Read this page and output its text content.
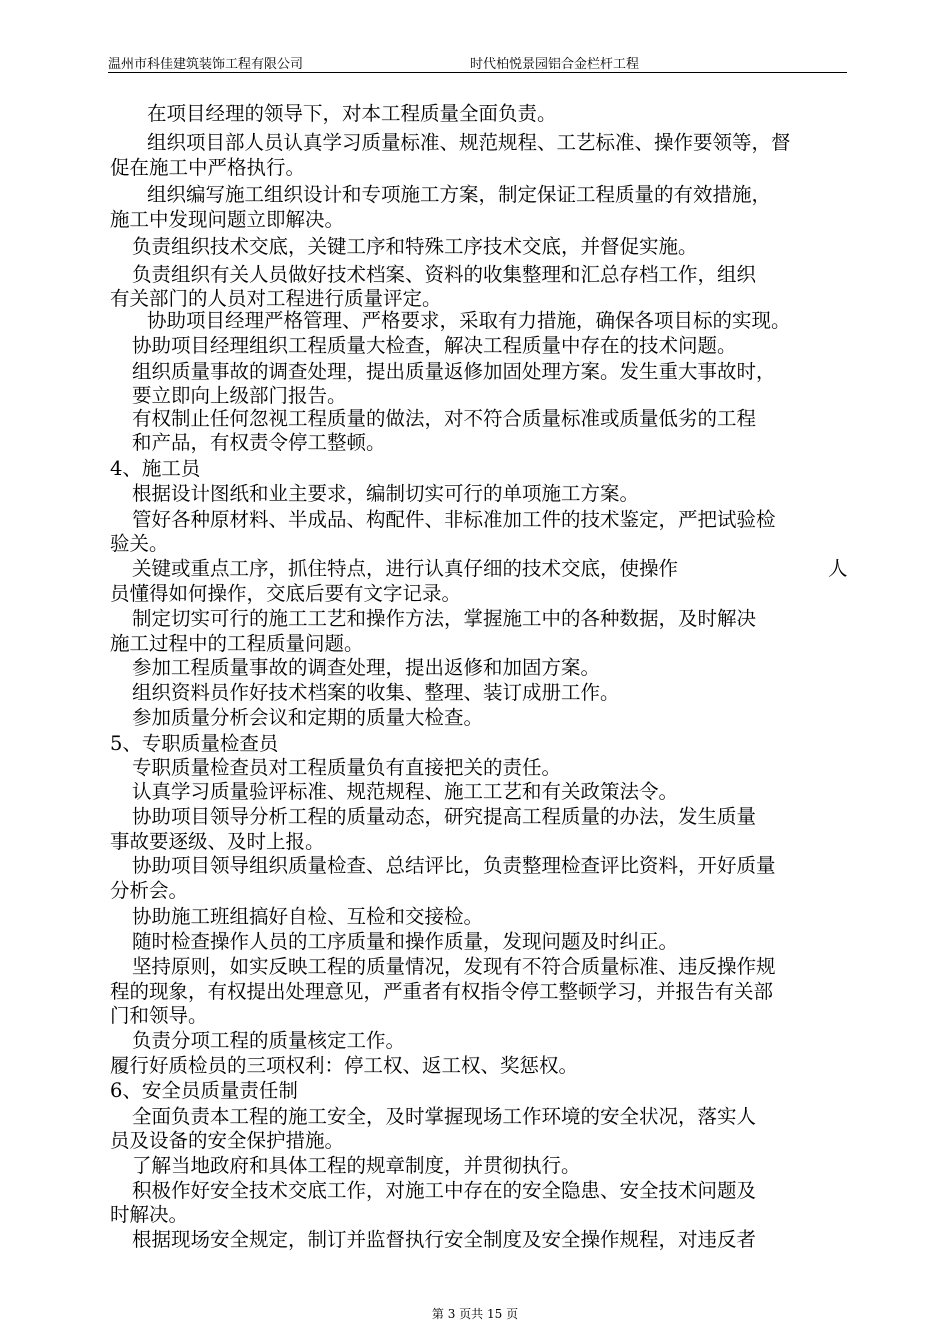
温州市科佳建筑装饰工程有限公司	时代柏悦景园铝合金栏杆工程
在项目经理的领导下，对本工程质量全面负责。
组织项目部人员认真学习质量标准、规范规程、工艺标准、操作要领等，督
促在施工中严格执行。
组织编写施工组织设计和专项施工方案，制定保证工程质量的有效措施，
施工中发现问题立即解决。
负责组织技术交底，关键工序和特殊工序技术交底，并督促实施。
负责组织有关人员做好技术档案、资料的收集整理和汇总存档工作，组织
有关部门的人员对工程进行质量评定。
协助项目经理严格管理、严格要求，采取有力措施，确保各项目标的实现。
协助项目经理组织工程质量大检查，解决工程质量中存在的技术问题。
组织质量事故的调查处理，提出质量返修加固处理方案。发生重大事故时，
要立即向上级部门报告。
有权制止任何忽视工程质量的做法，对不符合质量标准或质量低劣的工程
和产品，有权责令停工整顿。
4、施工员
根据设计图纸和业主要求，编制切实可行的单项施工方案。
管好各种原材料、半成品、构配件、非标准加工件的技术鉴定，严把试验检
验关。
关键或重点工序，抓住特点，进行认真仔细的技术交底，使操作	人
员懂得如何操作，交底后要有文字记录。
制定切实可行的施工工艺和操作方法，掌握施工中的各种数据，及时解决
施工过程中的工程质量问题。
参加工程质量事故的调查处理，提出返修和加固方案。
组织资料员作好技术档案的收集、整理、装订成册工作。
参加质量分析会议和定期的质量大检查。
5、专职质量检查员
专职质量检查员对工程质量负有直接把关的责任。
认真学习质量验评标准、规范规程、施工工艺和有关政策法令。
协助项目领导分析工程的质量动态，研究提高工程质量的办法，发生质量
事故要逐级、及时上报。
协助项目领导组织质量检查、总结评比，负责整理检查评比资料，开好质量
分析会。
协助施工班组搞好自检、互检和交接检。
随时检查操作人员的工序质量和操作质量，发现问题及时纠正。
坚持原则，如实反映工程的质量情况，发现有不符合质量标准、违反操作规
程的现象，有权提出处理意见，严重者有权指令停工整顿学习，并报告有关部
门和领导。
负责分项工程的质量核定工作。
履行好质检员的三项权利：停工权、返工权、奖惩权。
6、安全员质量责任制
全面负责本工程的施工安全，及时掌握现场工作环境的安全状况，落实人
员及设备的安全保护措施。
了解当地政府和具体工程的规章制度，并贯彻执行。
积极作好安全技术交底工作，对施工中存在的安全隐患、安全技术问题及
时解决。
根据现场安全规定，制订并监督执行安全制度及安全操作规程，对违反者
第 3 页共 15 页
